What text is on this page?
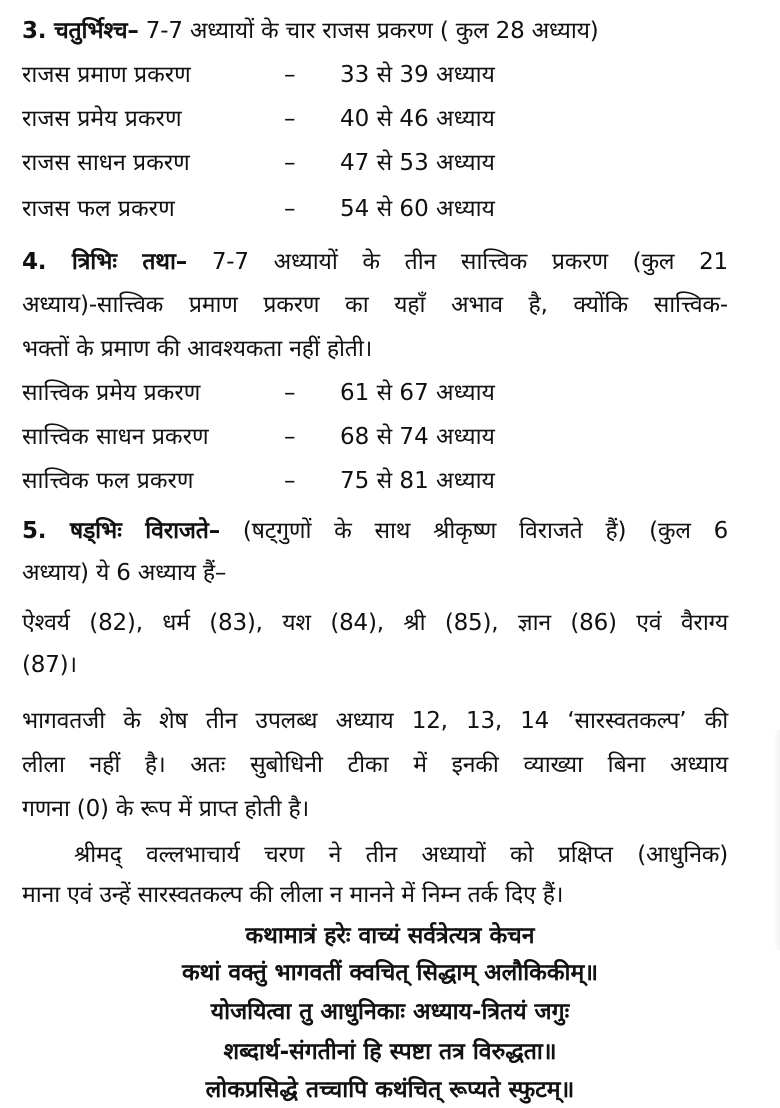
3. चतुर्भिश्च– 7-7 अध्यायों के चार राजस प्रकरण ( कुल 28 अध्याय)
राजस प्रमाण प्रकरण	– 33 से 39 अध्याय
राजस प्रमेय प्रकरण	– 40 से 46 अध्याय
राजस साधन प्रकरण	– 47 से 53 अध्याय
राजस फल प्रकरण	– 54 से 60 अध्याय
4. त्रिभिः तथा– 7-7 अध्यायों के तीन सात्त्विक प्रकरण (कुल 21
अध्याय)-सात्त्विक प्रमाण प्रकरण का यहाँ अभाव है, क्योंकि सात्त्विक-
भक्तों के प्रमाण की आवश्यकता नहीं होती।
सात्त्विक प्रमेय प्रकरण	– 61 से 67 अध्याय
सात्त्विक साधन प्रकरण	– 68 से 74 अध्याय
सात्त्विक फल प्रकरण	– 75 से 81 अध्याय
5. षड्भिः विराजते– (षट्गुणों के साथ श्रीकृष्ण विराजते हैं) (कुल 6
अध्याय) ये 6 अध्याय हैं–
ऐश्वर्य (82), धर्म (83), यश (84), श्री (85), ज्ञान (86) एवं वैराग्य
(87)।
भागवतजी के शेष तीन उपलब्ध अध्याय 12, 13, 14 ‘सारस्वतकल्प’ की
लीला नहीं है। अतः सुबोधिनी टीका में इनकी व्याख्या बिना अध्याय
गणना (0) के रूप में प्राप्त होती है।
श्रीमद् वल्लभाचार्य चरण ने तीन अध्यायों को प्रक्षिप्त (आधुनिक)
माना एवं उन्हें सारस्वतकल्प की लीला न मानने में निम्न तर्क दिए हैं।
कथामात्रं हरेः वाच्यं सर्वत्रेत्यत्र केचन
कथां वक्तुं भागवतीं क्वचित् सिद्धाम् अलौकिकीम्॥
योजयित्वा तु आधुनिकाः अध्याय-त्रितयं जगुः
शब्दार्थ-संगतीनां हि स्पष्टा तत्र विरुद्धता॥
लोकप्रसिद्धे तच्चापि कथंचित् रूप्यते स्फुटम्॥
